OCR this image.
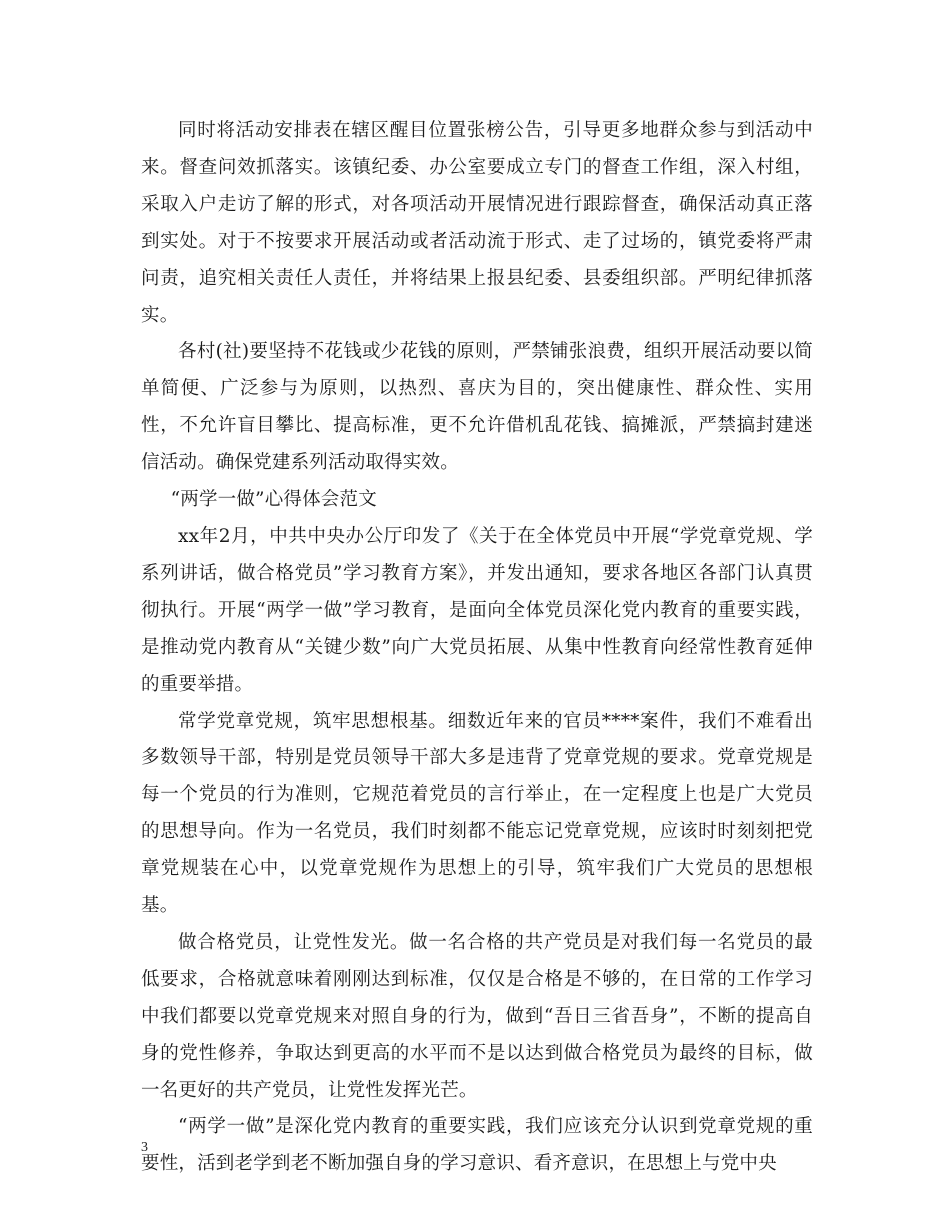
同时将活动安排表在辖区醒目位置张榜公告，引导更多地群众参与到活动中来。督查问效抓落实。该镇纪委、办公室要成立专门的督查工作组，深入村组，采取入户走访了解的形式，对各项活动开展情况进行跟踪督查，确保活动真正落到实处。对于不按要求开展活动或者活动流于形式、走了过场的，镇党委将严肃问责，追究相关责任人责任，并将结果上报县纪委、县委组织部。严明纪律抓落实。

各村(社)要坚持不花钱或少花钱的原则，严禁铺张浪费，组织开展活动要以简单简便、广泛参与为原则，以热烈、喜庆为目的，突出健康性、群众性、实用性，不允许盲目攀比、提高标准，更不允许借机乱花钱、搞摊派，严禁搞封建迷信活动。确保党建系列活动取得实效。

“两学一做”心得体会范文

xx年2月，中共中央办公厅印发了《关于在全体党员中开展“学党章党规、学系列讲话，做合格党员”学习教育方案》，并发出通知，要求各地区各部门认真贯彻执行。开展“两学一做”学习教育，是面向全体党员深化党内教育的重要实践，是推动党内教育从“关键少数”向广大党员拓展、从集中性教育向经常性教育延伸的重要举措。

常学党章党规，筑牢思想根基。细数近年来的官员****案件，我们不难看出多数领导干部，特别是党员领导干部大多是违背了党章党规的要求。党章党规是每一个党员的行为准则，它规范着党员的言行举止，在一定程度上也是广大党员的思想导向。作为一名党员，我们时刻都不能忘记党章党规，应该时时刻刻把党章党规装在心中，以党章党规作为思想上的引导，筑牢我们广大党员的思想根基。

做合格党员，让党性发光。做一名合格的共产党员是对我们每一名党员的最低要求，合格就意味着刚刚达到标准，仅仅是合格是不够的，在日常的工作学习中我们都要以党章党规来对照自身的行为，做到“吾日三省吾身”，不断的提高自身的党性修养，争取达到更高的水平而不是以达到做合格党员为最终的目标，做一名更好的共产党员，让党性发挥光芒。

“两学一做”是深化党内教育的重要实践，我们应该充分认识到党章党规的重要性，活到老学到老不断加强自身的学习意识、看齐意识，在思想上与党中央

3
